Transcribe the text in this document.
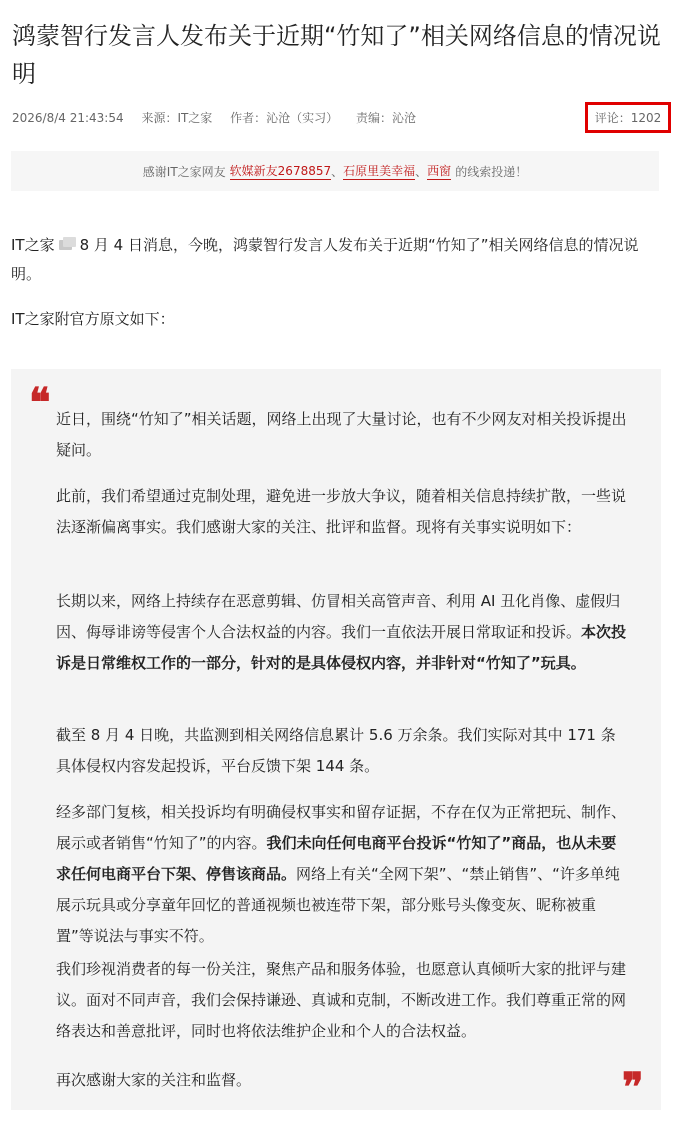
鸿蒙智行发言人发布关于近期“竹知了”相关网络信息的情况说明
2026/8/4 21:43:54 来源：IT之家 作者：沁沧（实习） 责编：沁沧	评论：1202
感谢IT之家网友 软媒新友2678857 、 石原里美幸福 、 西窗 的线索投递！

IT之家 8 月 4 日消息，今晚，鸿蒙智行发言人发布关于近期“竹知了”相关网络信息的情况说明。

IT之家附官方原文如下：

❝ 近日，围绕“竹知了”相关话题，网络上出现了大量讨论，也有不少网友对相关投诉提出疑问。

此前，我们希望通过克制处理，避免进一步放大争议，随着相关信息持续扩散，一些说法逐渐偏离事实。我们感谢大家的关注、批评和监督。现将有关事实说明如下：

长期以来，网络上持续存在恶意剪辑、仿冒相关高管声音、利用 AI 丑化肖像、虚假归因、侮辱诽谤等侵害个人合法权益的内容。我们一直依法开展日常取证和投诉。本次投诉是日常维权工作的一部分，针对的是具体侵权内容，并非针对“竹知了”玩具。

截至 8 月 4 日晚，共监测到相关网络信息累计 5.6 万余条。我们实际对其中 171 条具体侵权内容发起投诉，平台反馈下架 144 条。

经多部门复核，相关投诉均有明确侵权事实和留存证据，不存在仅为正常把玩、制作、展示或者销售“竹知了”的内容。我们未向任何电商平台投诉“竹知了”商品，也从未要求任何电商平台下架、停售该商品。网络上有关“全网下架”、“禁止销售”、“许多单纯展示玩具或分享童年回忆的普通视频也被连带下架，部分账号头像变灰、昵称被重置”等说法与事实不符。

我们珍视消费者的每一份关注，聚焦产品和服务体验，也愿意认真倾听大家的批评与建议。面对不同声音，我们会保持谦逊、真诚和克制，不断改进工作。我们尊重正常的网络表达和善意批评，同时也将依法维护企业和个人的合法权益。

再次感谢大家的关注和监督。	❞
